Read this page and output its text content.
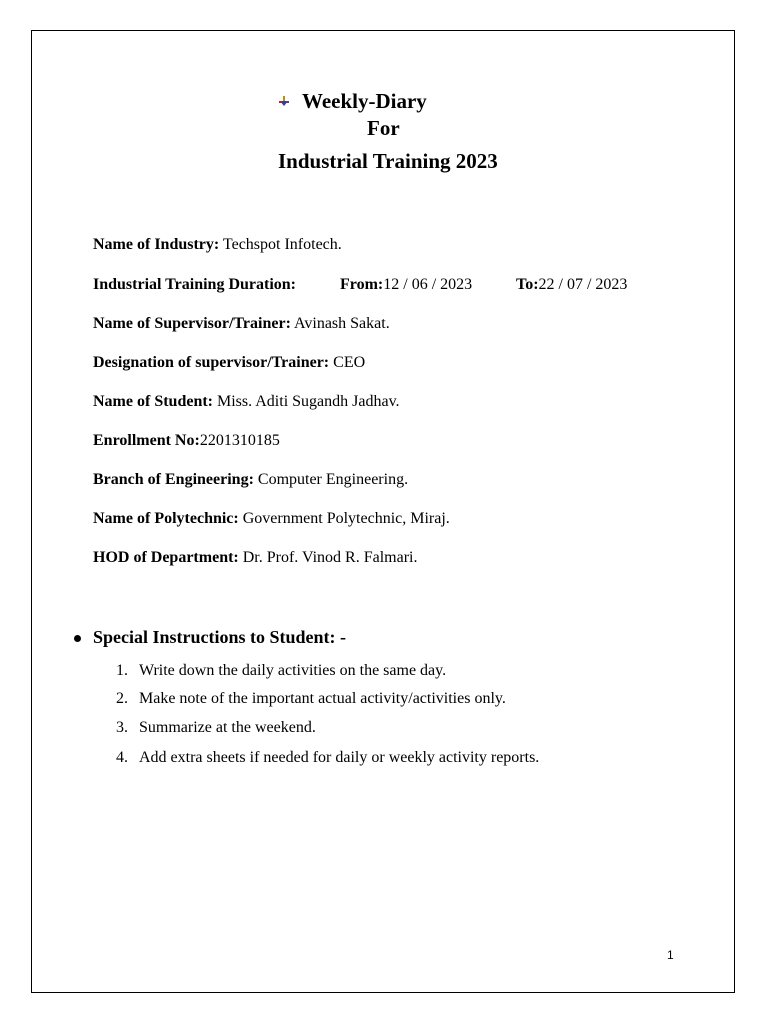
Weekly-Diary
For
Industrial Training 2023
Name of Industry: Techspot Infotech.
Industrial Training Duration:	From:12 / 06 / 2023	To:22 / 07 / 2023
Name of Supervisor/Trainer: Avinash Sakat.
Designation of supervisor/Trainer: CEO
Name of Student: Miss. Aditi Sugandh Jadhav.
Enrollment No:2201310185
Branch of Engineering: Computer Engineering.
Name of Polytechnic: Government Polytechnic, Miraj.
HOD of Department: Dr. Prof. Vinod R. Falmari.
Special Instructions to Student: -
1. Write down the daily activities on the same day.
2. Make note of the important actual activity/activities only.
3. Summarize at the weekend.
4. Add extra sheets if needed for daily or weekly activity reports.
1
